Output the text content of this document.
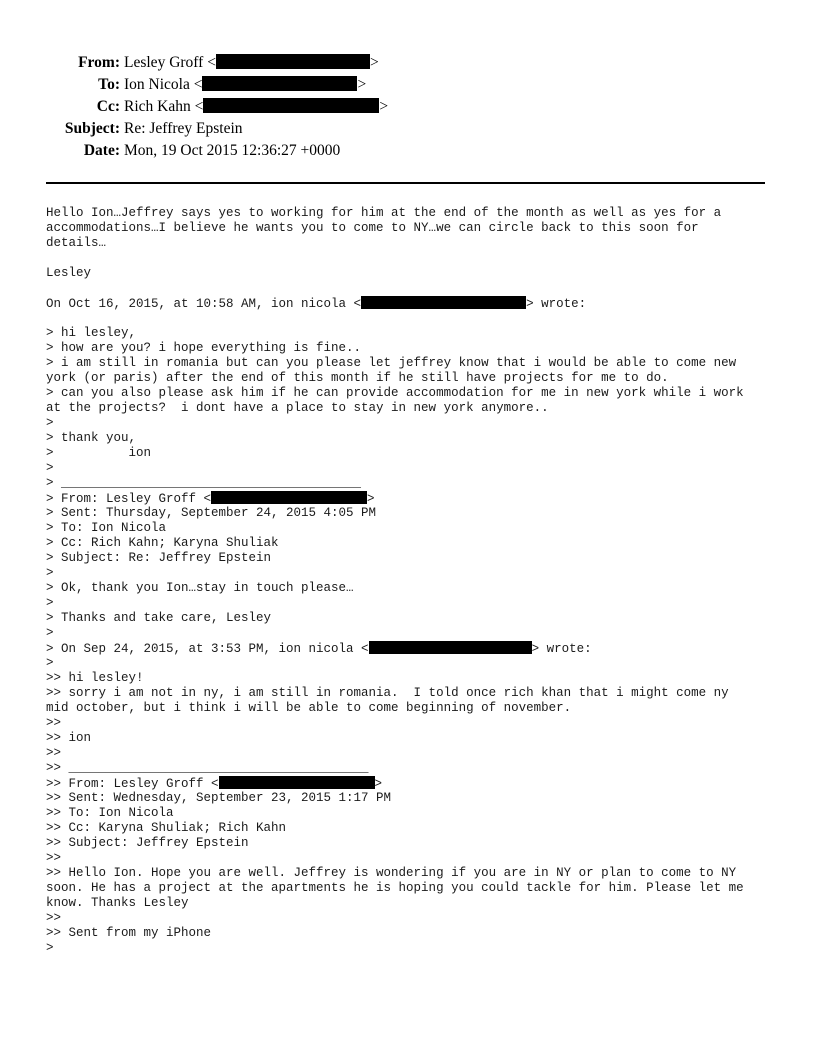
From: Lesley Groff <	>
To: Ion Nicola <	>
Cc: Rich Kahn <	>
Subject: Re: Jeffrey Epstein
Date: Mon, 19 Oct 2015 12:36:27 +0000
Hello Ion…Jeffrey says yes to working for him at the end of the month as well as yes for a
accommodations…I believe he wants you to come to NY…we can circle back to this soon for
details…
Lesley
On Oct 16, 2015, at 10:58 AM, ion nicola <	> wrote:
> hi lesley,
> how are you? i hope everything is fine..
> i am still in romania but can you please let jeffrey know that i would be able to come new
york (or paris) after the end of this month if he still have projects for me to do.
> can you also please ask him if he can provide accommodation for me in new york while i work
at the projects?  i dont have a place to stay in new york anymore..
>
> thank you,
>          ion
>
> ________________________________________
> From: Lesley Groff <	>
> Sent: Thursday, September 24, 2015 4:05 PM
> To: Ion Nicola
> Cc: Rich Kahn; Karyna Shuliak
> Subject: Re: Jeffrey Epstein
>
> Ok, thank you Ion…stay in touch please…
>
> Thanks and take care, Lesley
>
> On Sep 24, 2015, at 3:53 PM, ion nicola <	> wrote:
>
>> hi lesley!
>> sorry i am not in ny, i am still in romania.  I told once rich khan that i might come ny
mid october, but i think i will be able to come beginning of november.
>>
>> ion
>>
>> ________________________________________
>> From: Lesley Groff <	>
>> Sent: Wednesday, September 23, 2015 1:17 PM
>> To: Ion Nicola
>> Cc: Karyna Shuliak; Rich Kahn
>> Subject: Jeffrey Epstein
>>
>> Hello Ion. Hope you are well. Jeffrey is wondering if you are in NY or plan to come to NY
soon. He has a project at the apartments he is hoping you could tackle for him. Please let me
know. Thanks Lesley
>>
>> Sent from my iPhone
>
